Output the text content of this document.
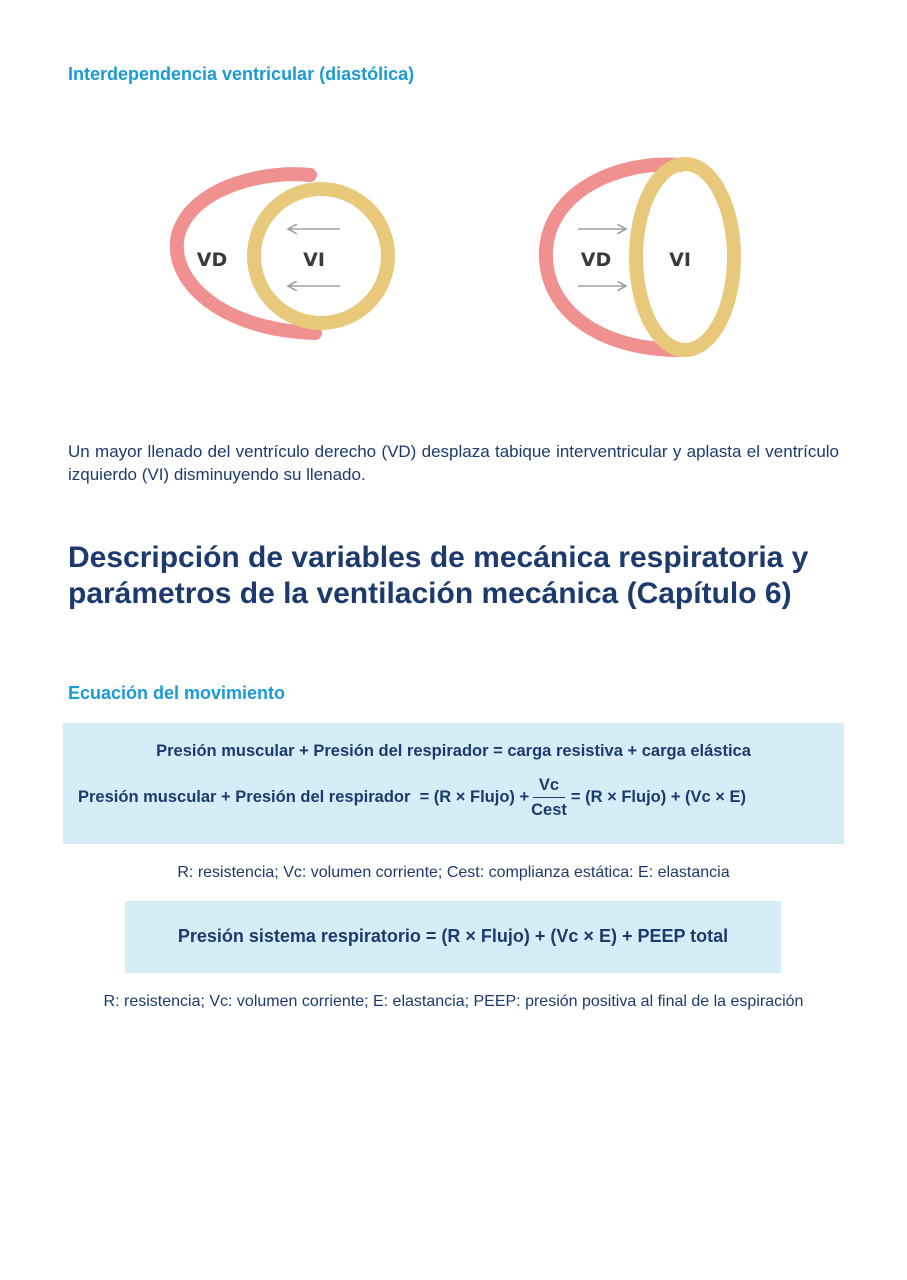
Interdependencia ventricular (diastólica)
VD	VI	VD	VI
Un mayor llenado del ventrículo derecho (VD) desplaza tabique interventricular y aplasta el ventrículo izquierdo (VI) disminuyendo su llenado.
Descripción de variables de mecánica respiratoria y parámetros de la ventilación mecánica (Capítulo 6)
Ecuación del movimiento
Presión muscular + Presión del respirador = carga resistiva + carga elástica
Presión muscular + Presión del respirador  = (R × Flujo) + $\frac{Vc}{\text{Cest}} = (R$ × Flujo) + (Vc × E)
R: resistencia; Vc: volumen corriente; Cest: complianza estática: E: elastancia
Presión sistema respiratorio = (R × Flujo) + (Vc × E) + PEEP total
R: resistencia; Vc: volumen corriente; E: elastancia; PEEP: presión positiva al final de la espiración
